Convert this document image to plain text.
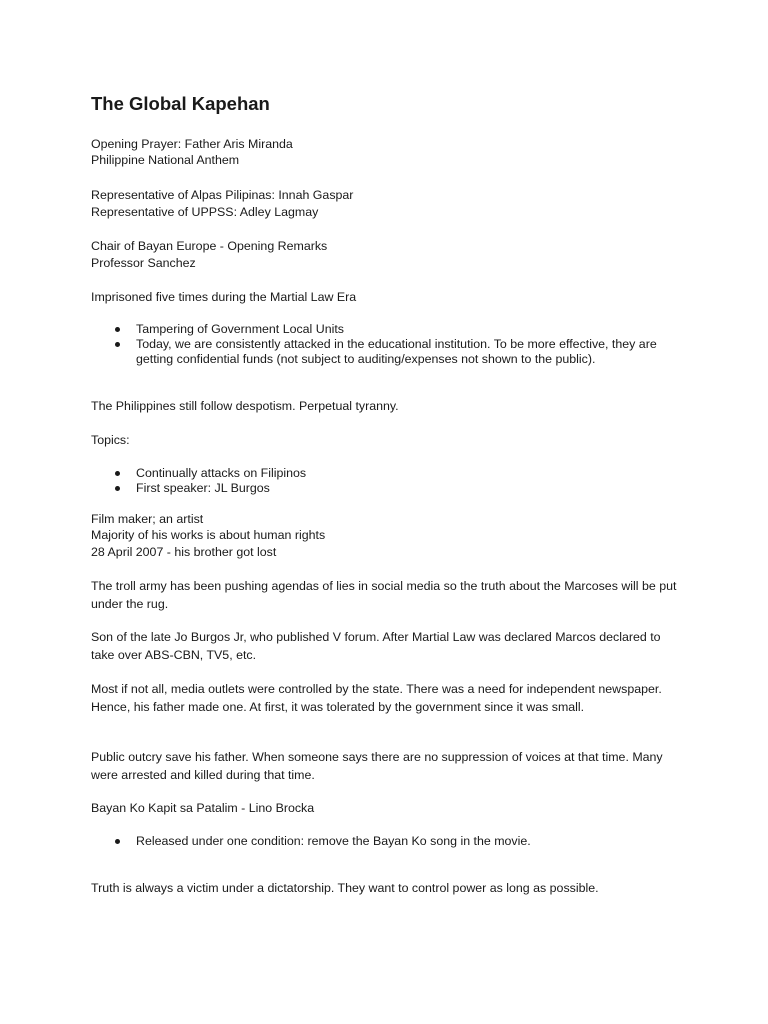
The Global Kapehan

Opening Prayer: Father Aris Miranda

Philippine National Anthem

Representative of Alpas Pilipinas: Innah Gaspar

Representative of UPPSS: Adley Lagmay

Chair of Bayan Europe - Opening Remarks

Professor Sanchez

Imprisoned five times during the Martial Law Era

Tampering of Government Local Units
Today, we are consistently attacked in the educational institution. To be more effective, they are getting confidential funds (not subject to auditing/expenses not shown to the public).

The Philippines still follow despotism. Perpetual tyranny.

Topics:

Continually attacks on Filipinos
First speaker: JL Burgos

Film maker; an artist

Majority of his works is about human rights

28 April 2007 - his brother got lost

The troll army has been pushing agendas of lies in social media so the truth about the Marcoses will be put under the rug.

Son of the late Jo Burgos Jr, who published V forum. After Martial Law was declared Marcos declared to take over ABS-CBN, TV5, etc.

Most if not all, media outlets were controlled by the state. There was a need for independent newspaper. Hence, his father made one. At first, it was tolerated by the government since it was small.

Public outcry save his father. When someone says there are no suppression of voices at that time. Many were arrested and killed during that time.

Bayan Ko Kapit sa Patalim - Lino Brocka

Released under one condition: remove the Bayan Ko song in the movie.

Truth is always a victim under a dictatorship. They want to control power as long as possible.
